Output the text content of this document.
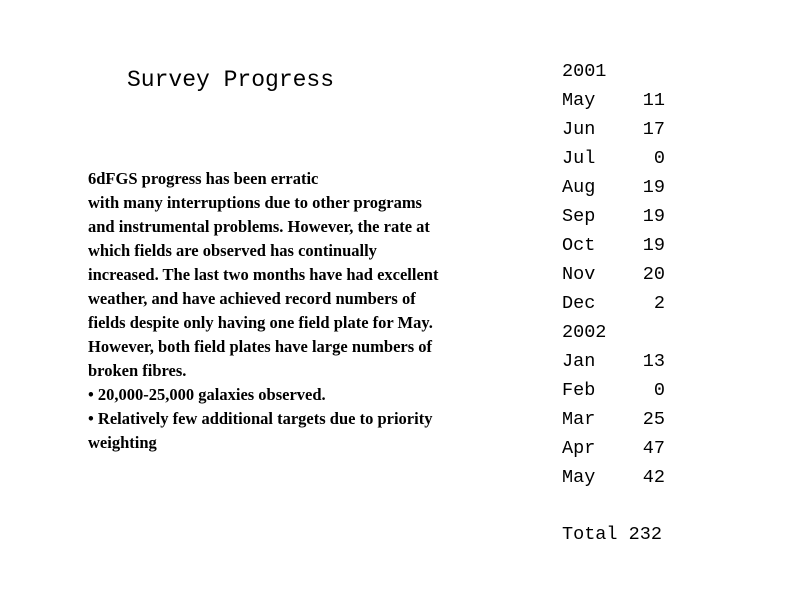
Survey Progress
6dFGS progress has been erratic
with many interruptions due to other programs
and instrumental problems. However, the rate at
which fields are observed has continually
increased. The last two months have had excellent
weather, and have achieved record numbers of
fields despite only having one field plate for May.
However, both field plates have large numbers of
broken fibres.
• 20,000-25,000 galaxies observed.
• Relatively few additional targets due to priority
weighting
2001
May	11
Jun	17
Jul	0
Aug	19
Sep	19
Oct	19
Nov	20
Dec	2
2002
Jan	13
Feb	0
Mar	25
Apr	47
May	42
Total 232
